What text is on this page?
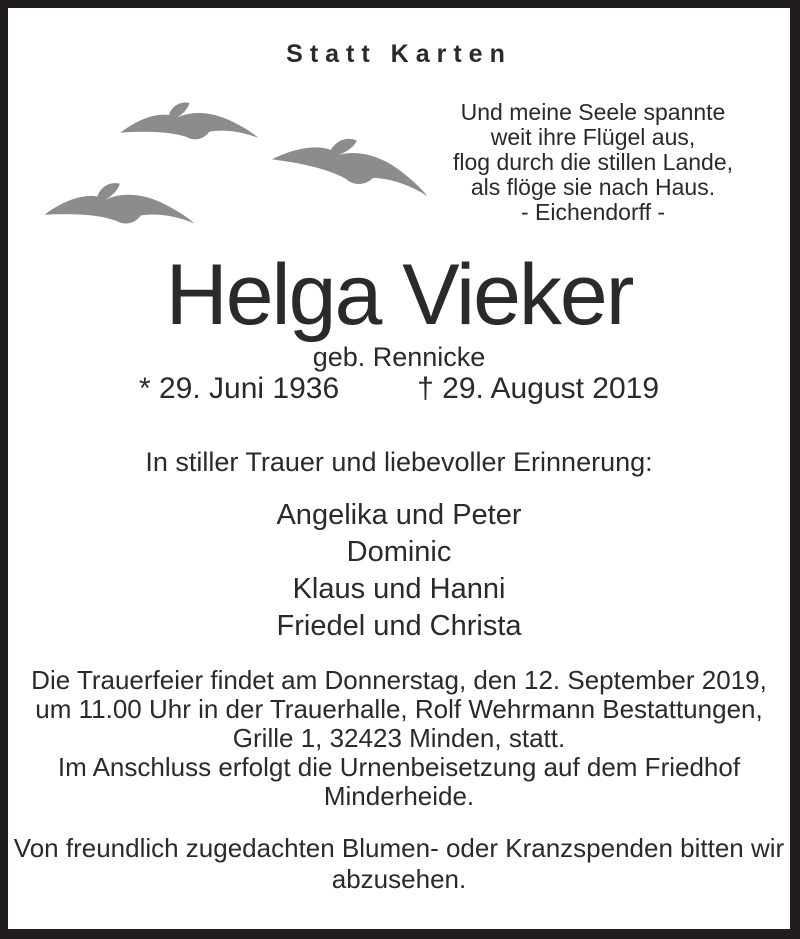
Statt Karten
Und meine Seele spannte
weit ihre Flügel aus,
flog durch die stillen Lande,
als flöge sie nach Haus.
- Eichendorff -
Helga Vieker
geb. Rennicke
* 29. Juni 1936	† 29. August 2019
In stiller Trauer und liebevoller Erinnerung:
Angelika und Peter
Dominic
Klaus und Hanni
Friedel und Christa
Die Trauerfeier findet am Donnerstag, den 12. September 2019,
um 11.00 Uhr in der Trauerhalle, Rolf Wehrmann Bestattungen,
Grille 1, 32423 Minden, statt.
Im Anschluss erfolgt die Urnenbeisetzung auf dem Friedhof
Minderheide.
Von freundlich zugedachten Blumen- oder Kranzspenden bitten wir
abzusehen.
